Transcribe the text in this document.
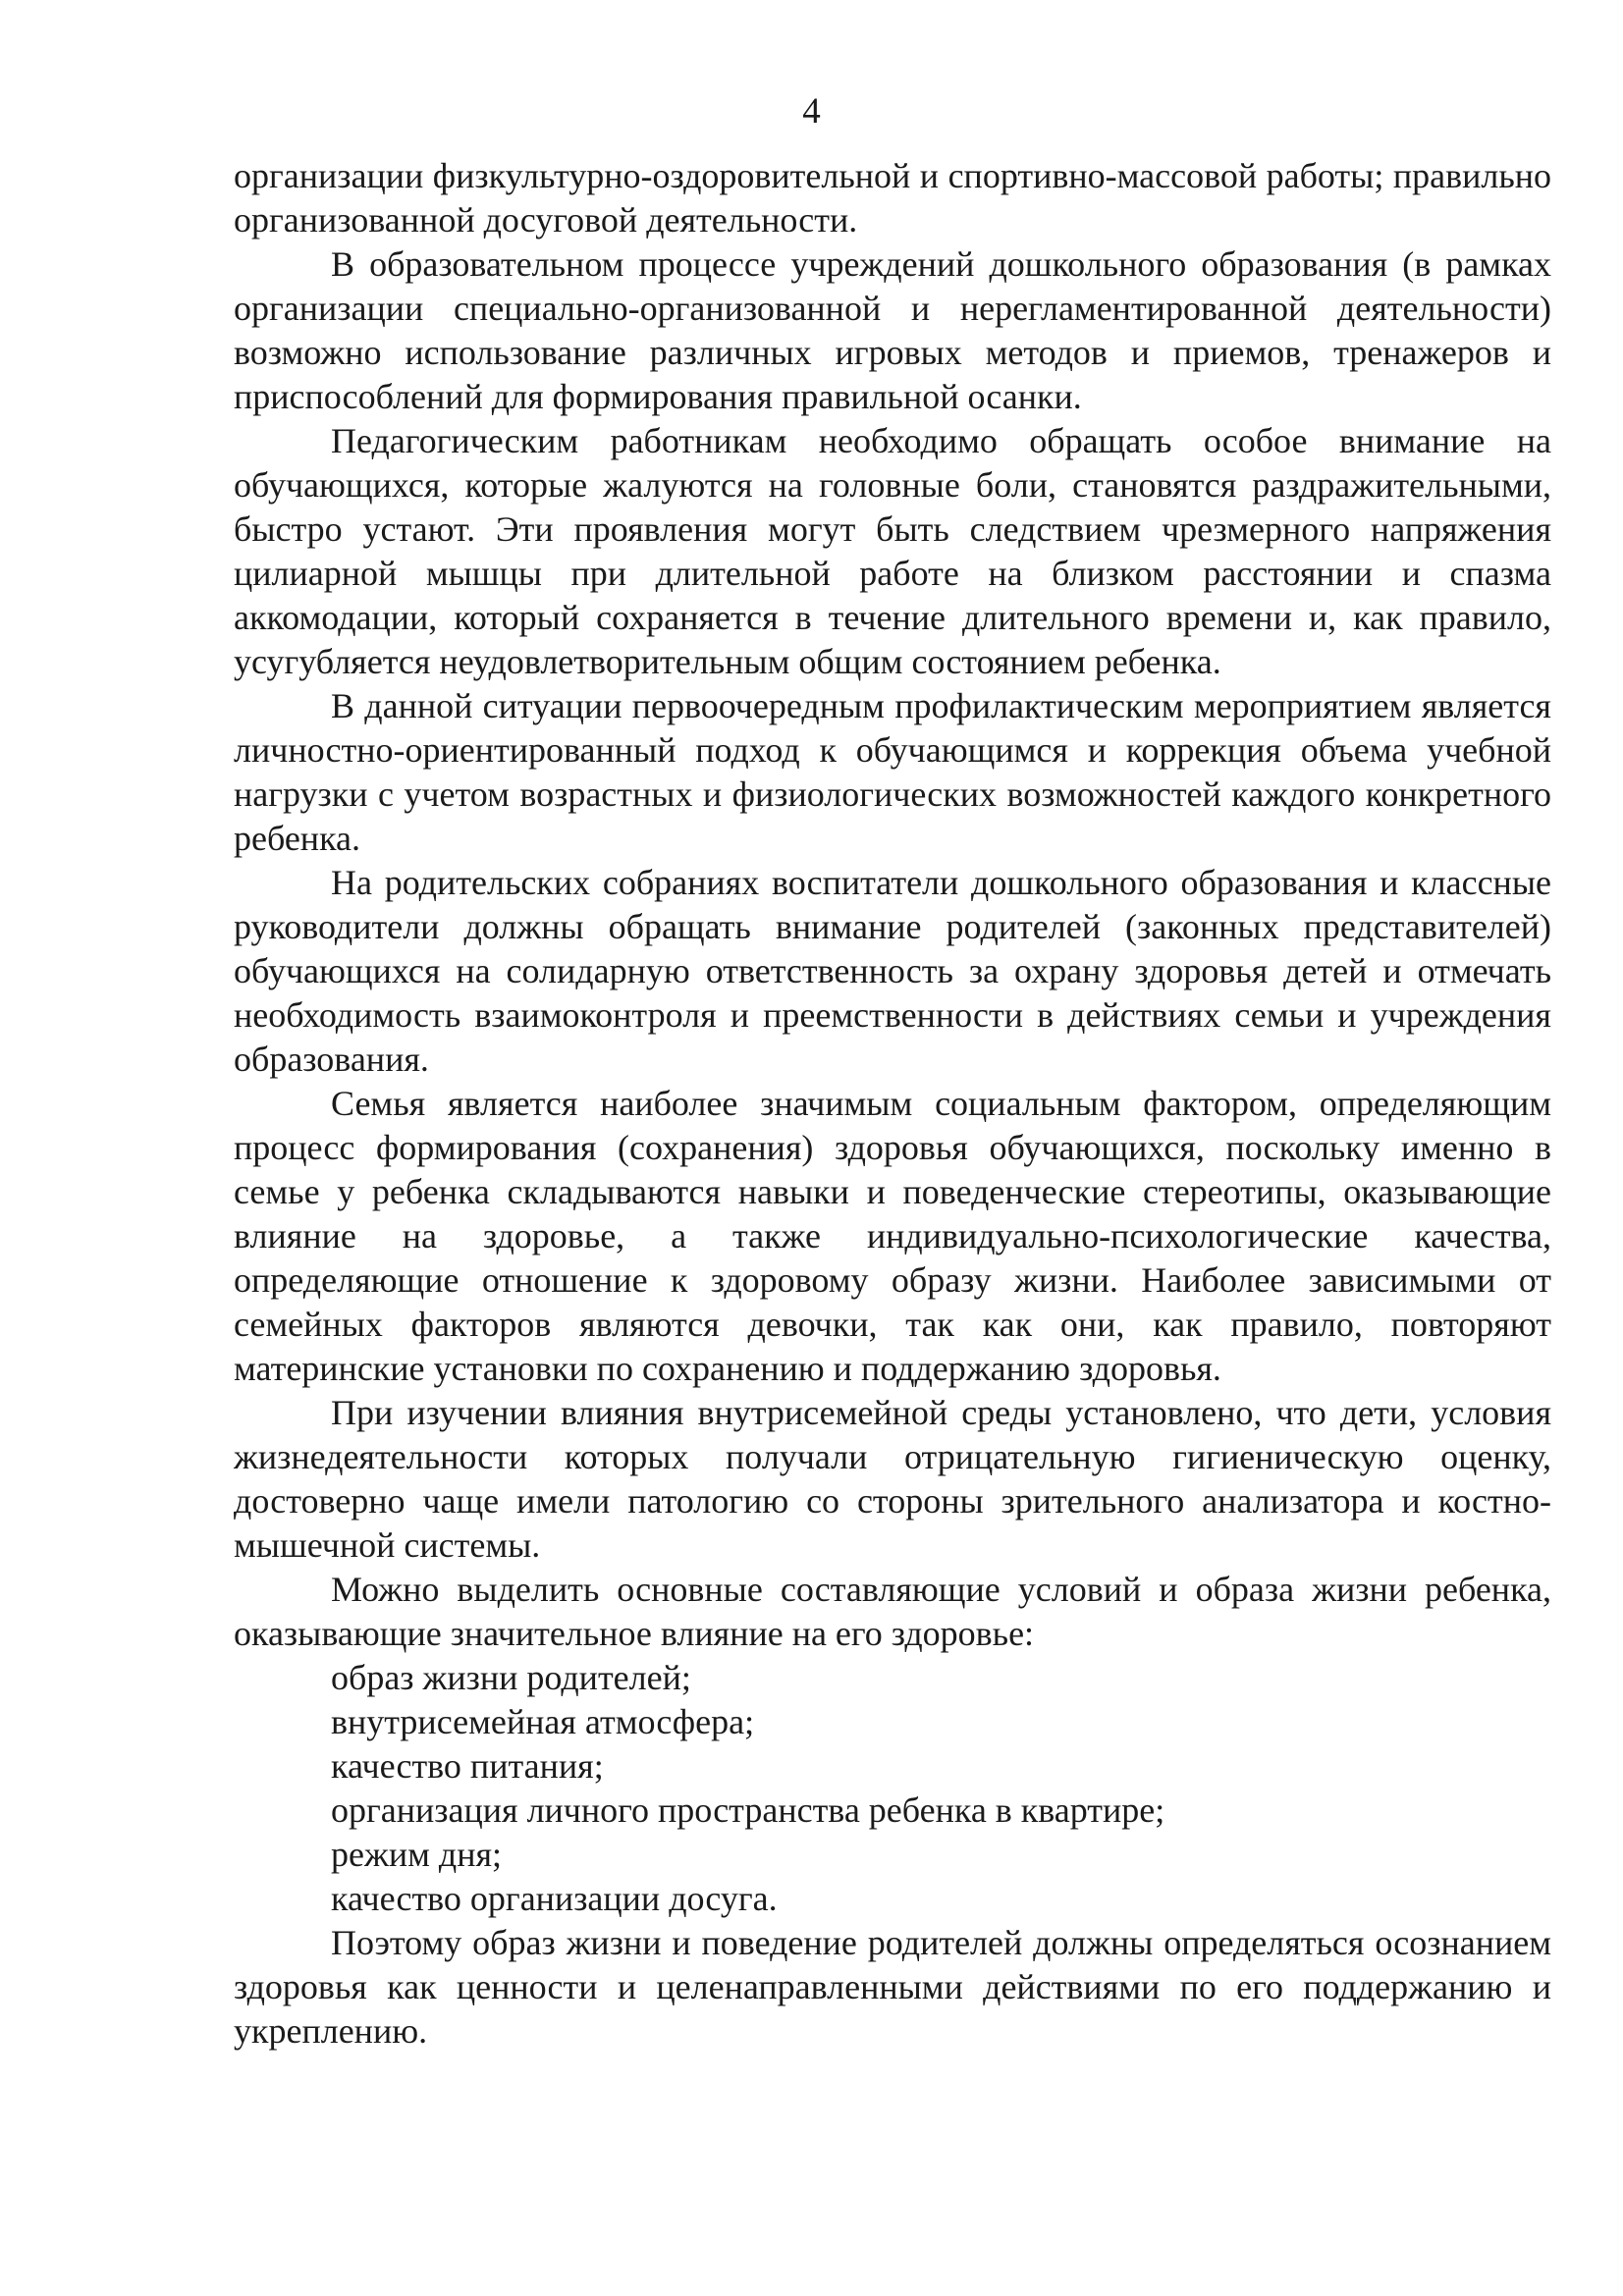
4

организации физкультурно-оздоровительной и спортивно-массовой работы; правильно организованной досуговой деятельности.

В образовательном процессе учреждений дошкольного образования (в рамках организации специально-организованной и нерегламентированной деятельности) возможно использование различных игровых методов и приемов, тренажеров и приспособлений для формирования правильной осанки.

Педагогическим работникам необходимо обращать особое внимание на обучающихся, которые жалуются на головные боли, становятся раздражительными, быстро устают. Эти проявления могут быть следствием чрезмерного напряжения цилиарной мышцы при длительной работе на близком расстоянии и спазма аккомодации, который сохраняется в течение длительного времени и, как правило, усугубляется неудовлетворительным общим состоянием ребенка.

В данной ситуации первоочередным профилактическим мероприятием является личностно-ориентированный подход к обучающимся и коррекция объема учебной нагрузки с учетом возрастных и физиологических возможностей каждого конкретного ребенка.

На родительских собраниях воспитатели дошкольного образования и классные руководители должны обращать внимание родителей (законных представителей) обучающихся на солидарную ответственность за охрану здоровья детей и отмечать необходимость взаимоконтроля и преемственности в действиях семьи и учреждения образования.

Семья является наиболее значимым социальным фактором, определяющим процесс формирования (сохранения) здоровья обучающихся, поскольку именно в семье у ребенка складываются навыки и поведенческие стереотипы, оказывающие влияние на здоровье, а также индивидуально-психологические качества, определяющие отношение к здоровому образу жизни. Наиболее зависимыми от семейных факторов являются девочки, так как они, как правило, повторяют материнские установки по сохранению и поддержанию здоровья.

При изучении влияния внутрисемейной среды установлено, что дети, условия жизнедеятельности которых получали отрицательную гигиеническую оценку, достоверно чаще имели патологию со стороны зрительного анализатора и костно-мышечной системы.

Можно выделить основные составляющие условий и образа жизни ребенка, оказывающие значительное влияние на его здоровье:

образ жизни родителей;
внутрисемейная атмосфера;
качество питания;
организация личного пространства ребенка в квартире;
режим дня;
качество организации досуга.

Поэтому образ жизни и поведение родителей должны определяться осознанием здоровья как ценности и целенаправленными действиями по его поддержанию и укреплению.
